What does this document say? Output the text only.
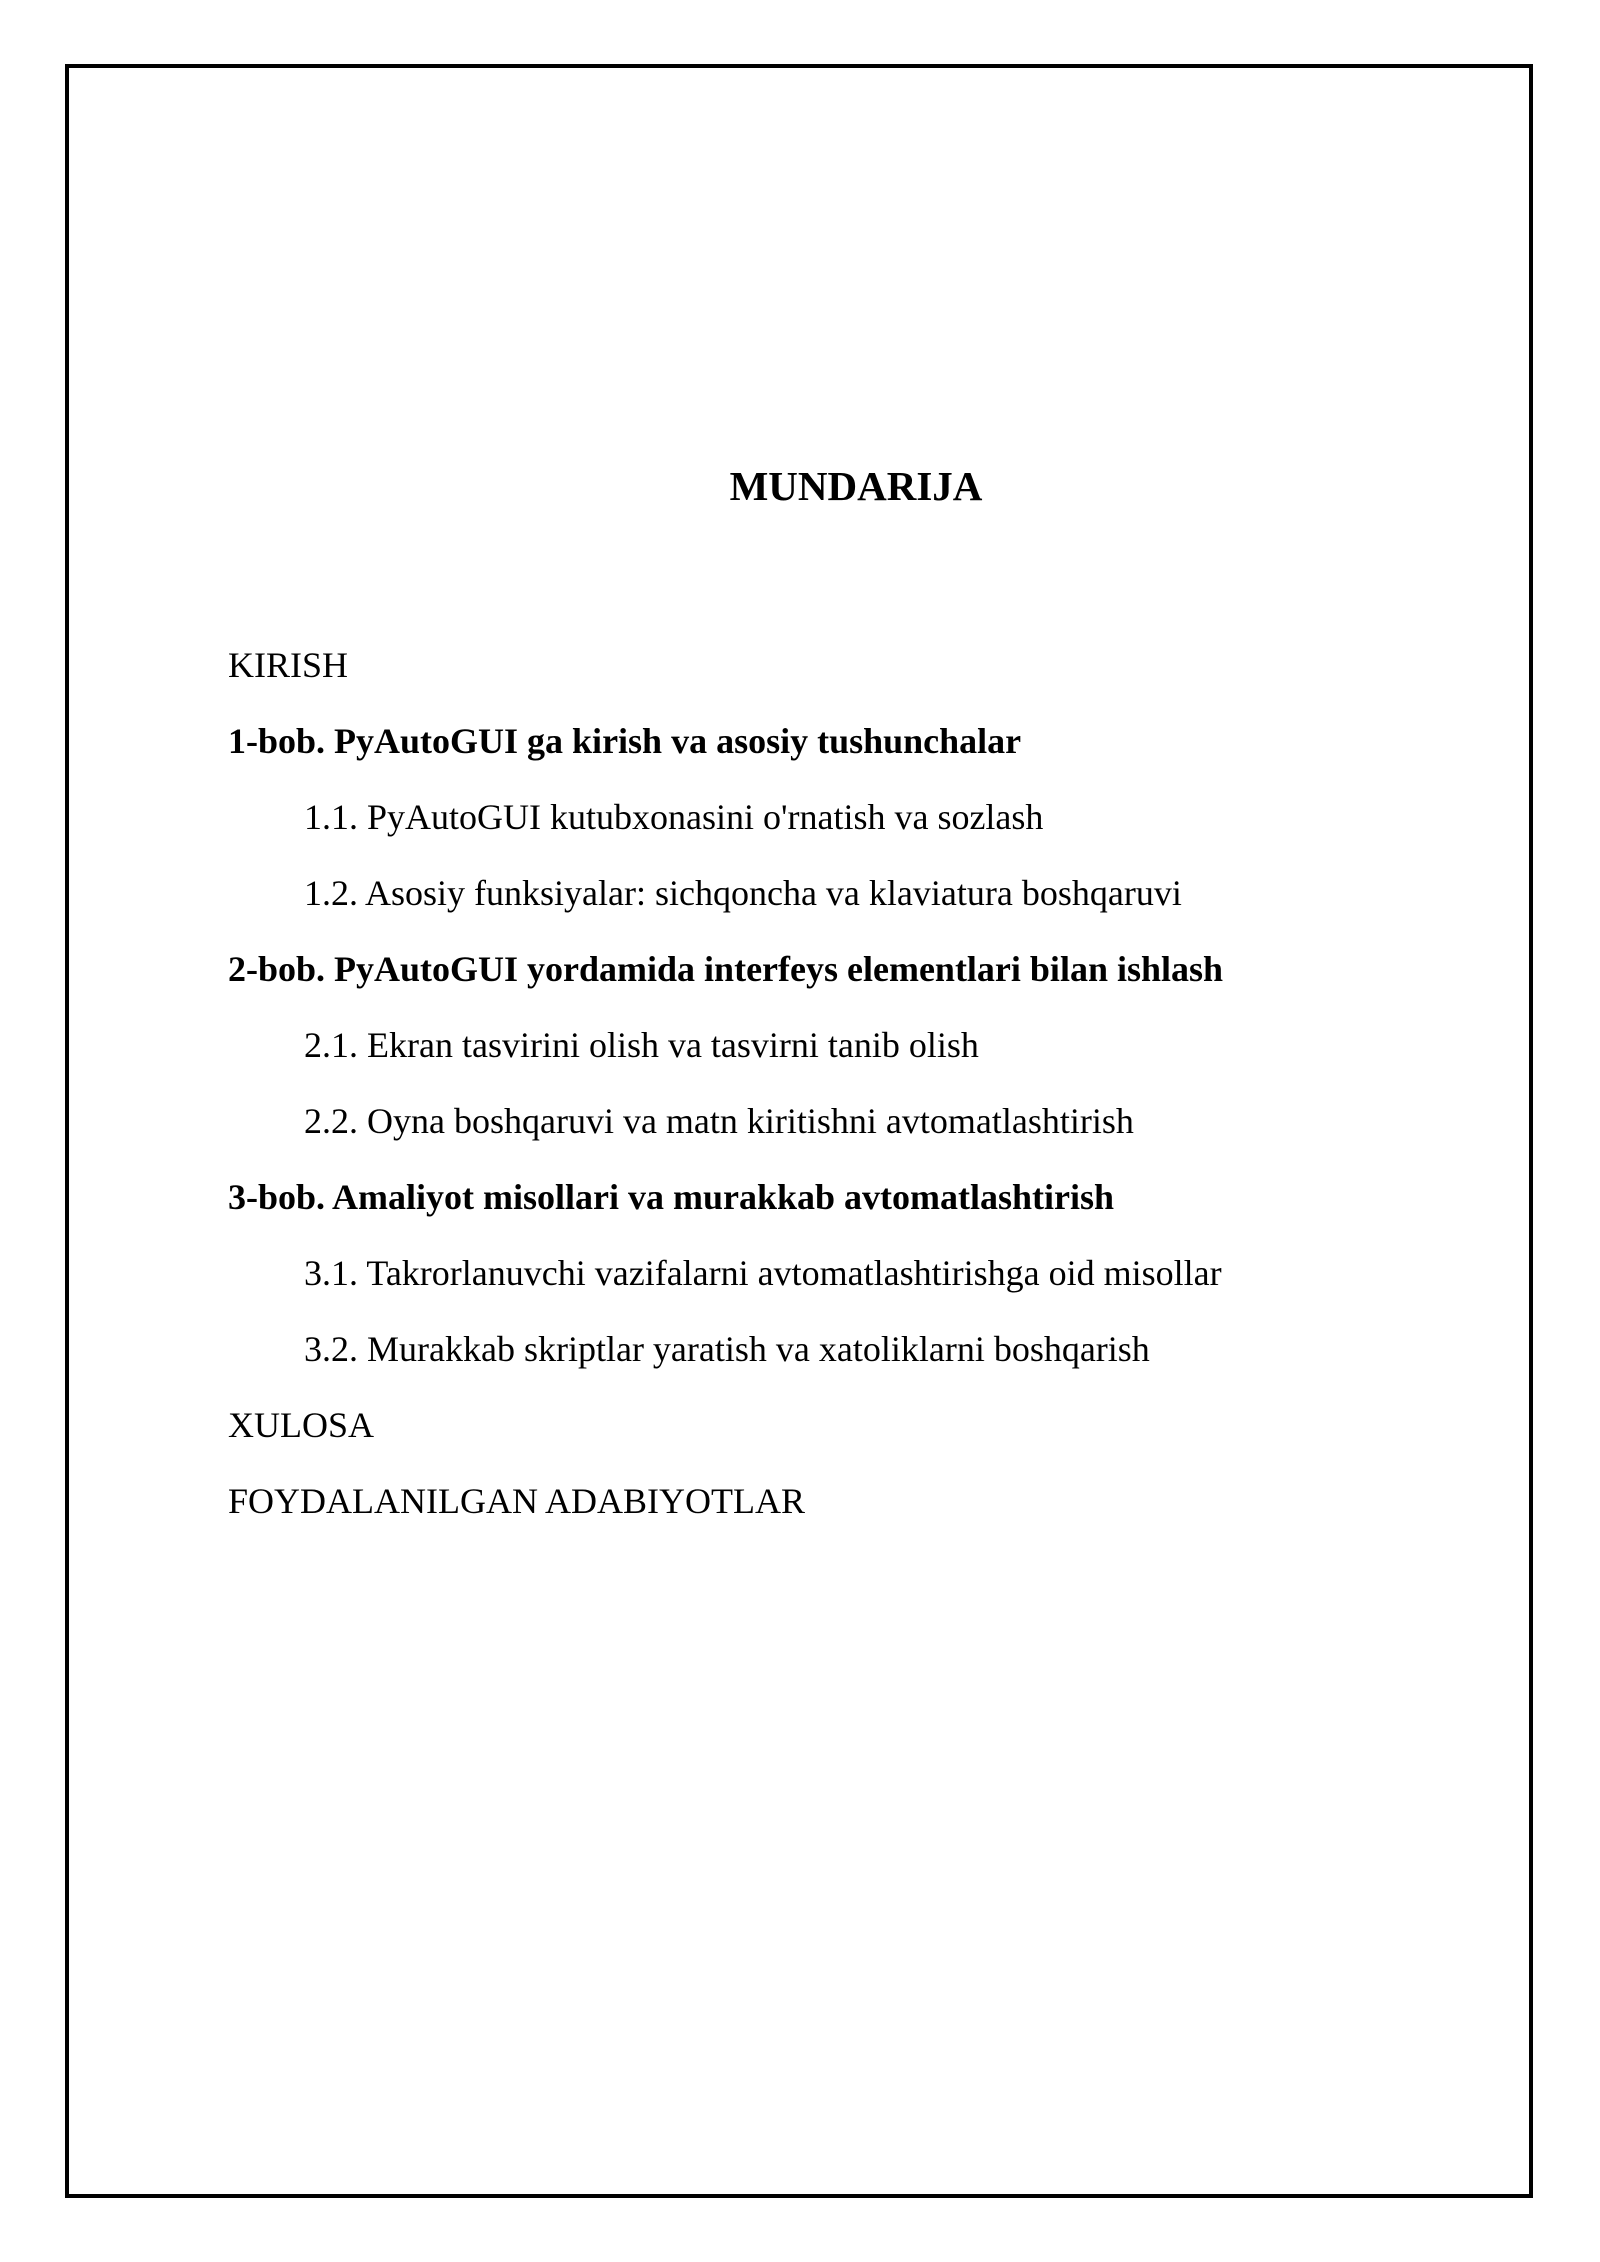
MUNDARIJA
KIRISH
1-bob. PyAutoGUI ga kirish va asosiy tushunchalar
1.1. PyAutoGUI kutubxonasini o'rnatish va sozlash
1.2. Asosiy funksiyalar: sichqoncha va klaviatura boshqaruvi
2-bob. PyAutoGUI yordamida interfeys elementlari bilan ishlash
2.1. Ekran tasvirini olish va tasvirni tanib olish
2.2. Oyna boshqaruvi va matn kiritishni avtomatlashtirish
3-bob. Amaliyot misollari va murakkab avtomatlashtirish
3.1. Takrorlanuvchi vazifalarni avtomatlashtirishga oid misollar
3.2. Murakkab skriptlar yaratish va xatoliklarni boshqarish
XULOSA
FOYDALANILGAN ADABIYOTLAR
